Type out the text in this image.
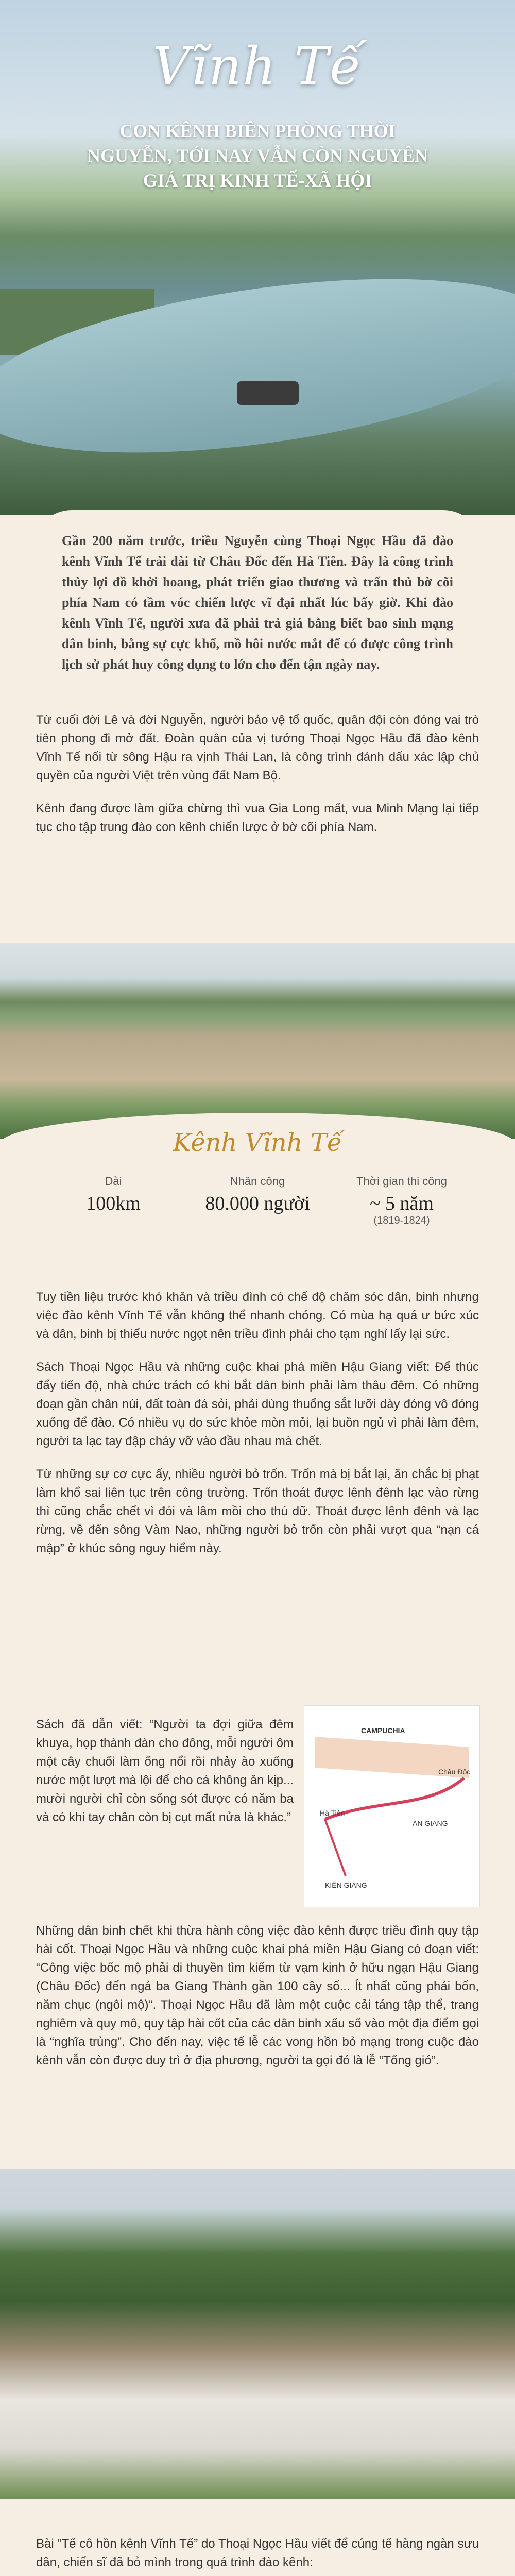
Vĩnh Tế
CON KÊNH BIÊN PHÒNG THỜI NGUYỄN, TỚI NAY VẪN CÒN NGUYÊN GIÁ TRỊ KINH TẾ-XÃ HỘI

Gần 200 năm trước, triều Nguyễn cùng Thoại Ngọc Hầu đã đào kênh Vĩnh Tế trải dài từ Châu Đốc đến Hà Tiên. Đây là công trình thủy lợi đồ khởi hoang, phát triển giao thương và trấn thủ bờ cõi phía Nam có tầm vóc chiến lược vĩ đại nhất lúc bấy giờ. Khi đào kênh Vĩnh Tế, người xưa đã phải trả giá bằng biết bao sinh mạng dân binh, bằng sự cực khổ, mồ hôi nước mắt để có được công trình lịch sử phát huy công dụng to lớn cho đến tận ngày nay.

Từ cuối đời Lê và đời Nguyễn, người bảo vệ tổ quốc, quân đội còn đóng vai trò tiên phong đi mở đất. Đoàn quân của vị tướng Thoại Ngọc Hầu đã đào kênh Vĩnh Tế nối từ sông Hậu ra vịnh Thái Lan, là công trình đánh dấu xác lập chủ quyền của người Việt trên vùng đất Nam Bộ.

Kênh đang được làm giữa chừng thì vua Gia Long mất, vua Minh Mạng lại tiếp tục cho tập trung đào con kênh chiến lược ở bờ cõi phía Nam.

Kênh Vĩnh Tế
Dài
100km
Nhân công
80.000 người
Thời gian thi công
~ 5 năm
(1819-1824)

Tuy tiền liệu trước khó khăn và triều đình có chế độ chăm sóc dân, binh nhưng việc đào kênh Vĩnh Tế vẫn không thể nhanh chóng. Có mùa hạ quá ư bức xúc và dân, binh bị thiếu nước ngọt nên triều đình phải cho tạm nghỉ lấy lại sức.

Sách Thoại Ngọc Hầu và những cuộc khai phá miền Hậu Giang viết: Để thúc đẩy tiến độ, nhà chức trách có khi bắt dân binh phải làm thâu đêm. Có những đoạn gần chân núi, đất toàn đá sỏi, phải dùng thuổng sắt lưỡi dày đóng vô đóng xuống để đào. Có nhiều vụ do sức khỏe mòn mỏi, lại buồn ngủ vì phải làm đêm, người ta lạc tay đập cháy vỡ vào đầu nhau mà chết.

Từ những sự cơ cực ấy, nhiều người bỏ trốn. Trốn mà bị bắt lại, ăn chắc bị phạt làm khổ sai liên tục trên công trường. Trốn thoát được lênh đênh lạc vào rừng thì cũng chắc chết vì đói và lâm mồi cho thú dữ. Thoát được lênh đênh và lạc rừng, về đến sông Vàm Nao, những người bỏ trốn còn phải vượt qua “nạn cá mập” ở khúc sông nguy hiểm này.

Sách đã dẫn viết: “Người ta đợi giữa đêm khuya, họp thành đàn cho đông, mỗi người ôm một cây chuối làm ống nổi rồi nhảy ào xuống nước một lượt mà lội để cho cá không ăn kịp... mười người chỉ còn sống sót được có năm ba và có khi tay chân còn bị cụt mất nửa là khác.”

CAMPUCHIA
AN GIANG
KIÊN GIANG
Hà Tiên
Châu Đốc

Những dân binh chết khi thừa hành công việc đào kênh được triều đình quy tập hài cốt. Thoại Ngọc Hầu và những cuộc khai phá miền Hậu Giang có đoạn viết: “Công việc bốc mộ phải di thuyền tìm kiếm từ vạm kinh ở hữu ngạn Hậu Giang (Châu Đốc) đến ngả ba Giang Thành gần 100 cây số... Ít nhất cũng phải bốn, năm chục (ngôi mộ)”. Thoại Ngọc Hầu đã làm một cuộc cải táng tập thể, trang nghiêm và quy mô, quy tập hài cốt của các dân binh xấu số vào một địa điểm gọi là “nghĩa trủng”. Cho đến nay, việc tế lễ các vong hồn bỏ mạng trong cuộc đào kênh vẫn còn được duy trì ở địa phương, người ta gọi đó là lễ “Tống gió”.

Bài “Tế cô hồn kênh Vĩnh Tế” do Thoại Ngọc Hầu viết để cúng tế hàng ngàn sưu dân, chiến sĩ đã bỏ mình trong quá trình đào kênh:
